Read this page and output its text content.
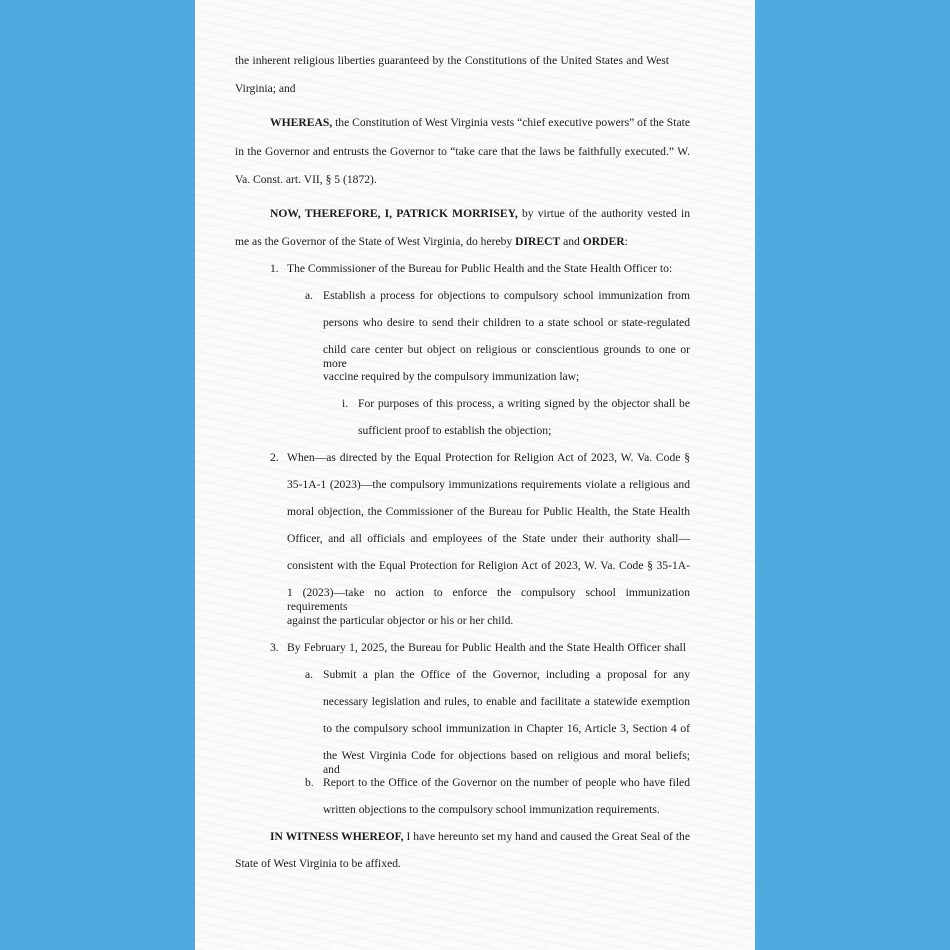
the inherent religious liberties guaranteed by the Constitutions of the United States and West
Virginia; and
WHEREAS, the Constitution of West Virginia vests “chief executive powers” of the State
in the Governor and entrusts the Governor to “take care that the laws be faithfully executed.” W.
Va. Const. art. VII, § 5 (1872).
NOW, THEREFORE, I, PATRICK MORRISEY, by virtue of the authority vested in
me as the Governor of the State of West Virginia, do hereby DIRECT and ORDER:
1. The Commissioner of the Bureau for Public Health and the State Health Officer to:
a. Establish a process for objections to compulsory school immunization from
persons who desire to send their children to a state school or state-regulated
child care center but object on religious or conscientious grounds to one or more
vaccine required by the compulsory immunization law;
i. For purposes of this process, a writing signed by the objector shall be
sufficient proof to establish the objection;
2. When—as directed by the Equal Protection for Religion Act of 2023, W. Va. Code §
35-1A-1 (2023)—the compulsory immunizations requirements violate a religious and
moral objection, the Commissioner of the Bureau for Public Health, the State Health
Officer, and all officials and employees of the State under their authority shall—
consistent with the Equal Protection for Religion Act of 2023, W. Va. Code § 35-1A-
1 (2023)—take no action to enforce the compulsory school immunization requirements
against the particular objector or his or her child.
3. By February 1, 2025, the Bureau for Public Health and the State Health Officer shall
a. Submit a plan the Office of the Governor, including a proposal for any
necessary legislation and rules, to enable and facilitate a statewide exemption
to the compulsory school immunization in Chapter 16, Article 3, Section 4 of
the West Virginia Code for objections based on religious and moral beliefs; and
b. Report to the Office of the Governor on the number of people who have filed
written objections to the compulsory school immunization requirements.
IN WITNESS WHEREOF, I have hereunto set my hand and caused the Great Seal of the
State of West Virginia to be affixed.
